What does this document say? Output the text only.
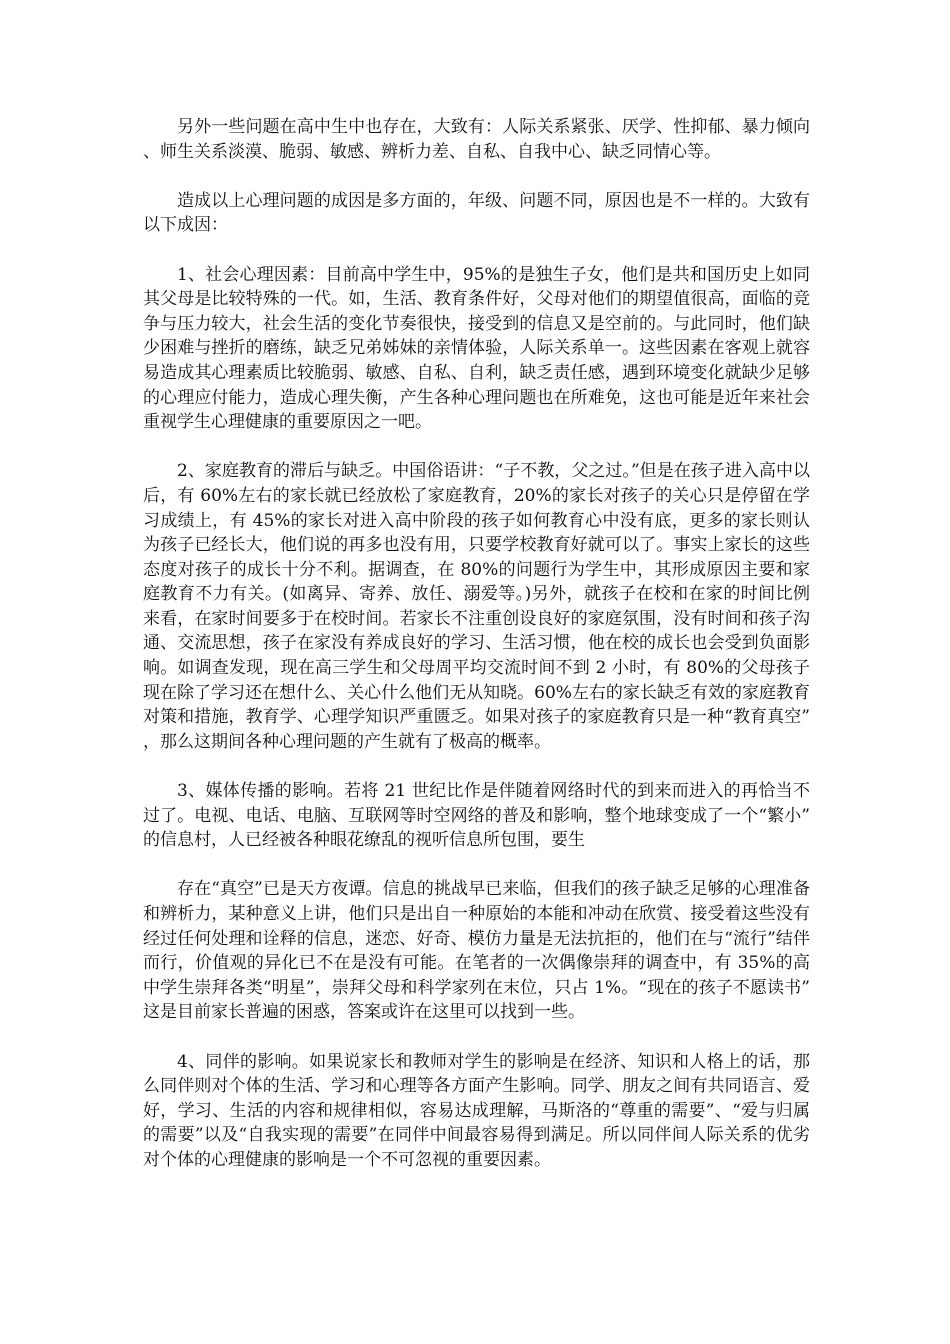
另外一些问题在高中生中也存在，大致有：人际关系紧张、厌学、性抑郁、暴力倾向、师生关系淡漠、脆弱、敏感、辨析力差、自私、自我中心、缺乏同情心等。

造成以上心理问题的成因是多方面的，年级、问题不同，原因也是不一样的。大致有以下成因：

1、社会心理因素：目前高中学生中，95%的是独生子女，他们是共和国历史上如同其父母是比较特殊的一代。如，生活、教育条件好，父母对他们的期望值很高，面临的竞争与压力较大，社会生活的变化节奏很快，接受到的信息又是空前的。与此同时，他们缺少困难与挫折的磨练，缺乏兄弟姊妹的亲情体验，人际关系单一。这些因素在客观上就容易造成其心理素质比较脆弱、敏感、自私、自利，缺乏责任感，遇到环境变化就缺少足够的心理应付能力，造成心理失衡，产生各种心理问题也在所难免，这也可能是近年来社会重视学生心理健康的重要原因之一吧。

2、家庭教育的滞后与缺乏。中国俗语讲：“子不教，父之过。”但是在孩子进入高中以后，有 60%左右的家长就已经放松了家庭教育，20%的家长对孩子的关心只是停留在学习成绩上，有 45%的家长对进入高中阶段的孩子如何教育心中没有底，更多的家长则认为孩子已经长大，他们说的再多也没有用，只要学校教育好就可以了。事实上家长的这些态度对孩子的成长十分不利。据调查，在 80%的问题行为学生中，其形成原因主要和家庭教育不力有关。(如离异、寄养、放任、溺爱等。)另外，就孩子在校和在家的时间比例来看，在家时间要多于在校时间。若家长不注重创设良好的家庭氛围，没有时间和孩子沟通、交流思想，孩子在家没有养成良好的学习、生活习惯，他在校的成长也会受到负面影响。如调查发现，现在高三学生和父母周平均交流时间不到 2 小时，有 80%的父母孩子现在除了学习还在想什么、关心什么他们无从知晓。60%左右的家长缺乏有效的家庭教育对策和措施，教育学、心理学知识严重匮乏。如果对孩子的家庭教育只是一种“教育真空”，那么这期间各种心理问题的产生就有了极高的概率。

3、媒体传播的影响。若将 21 世纪比作是伴随着网络时代的到来而进入的再恰当不过了。电视、电话、电脑、互联网等时空网络的普及和影响，整个地球变成了一个“繁小”的信息村，人已经被各种眼花缭乱的视听信息所包围，要生

存在“真空”已是天方夜谭。信息的挑战早已来临，但我们的孩子缺乏足够的心理准备和辨析力，某种意义上讲，他们只是出自一种原始的本能和冲动在欣赏、接受着这些没有经过任何处理和诠释的信息，迷恋、好奇、模仿力量是无法抗拒的，他们在与“流行”结伴而行，价值观的异化已不在是没有可能。在笔者的一次偶像崇拜的调查中，有 35%的高中学生崇拜各类“明星”，崇拜父母和科学家列在末位，只占 1%。“现在的孩子不愿读书”这是目前家长普遍的困惑，答案或许在这里可以找到一些。

4、同伴的影响。如果说家长和教师对学生的影响是在经济、知识和人格上的话，那么同伴则对个体的生活、学习和心理等各方面产生影响。同学、朋友之间有共同语言、爱好，学习、生活的内容和规律相似，容易达成理解，马斯洛的“尊重的需要”、“爱与归属的需要”以及“自我实现的需要”在同伴中间最容易得到满足。所以同伴间人际关系的优劣对个体的心理健康的影响是一个不可忽视的重要因素。
